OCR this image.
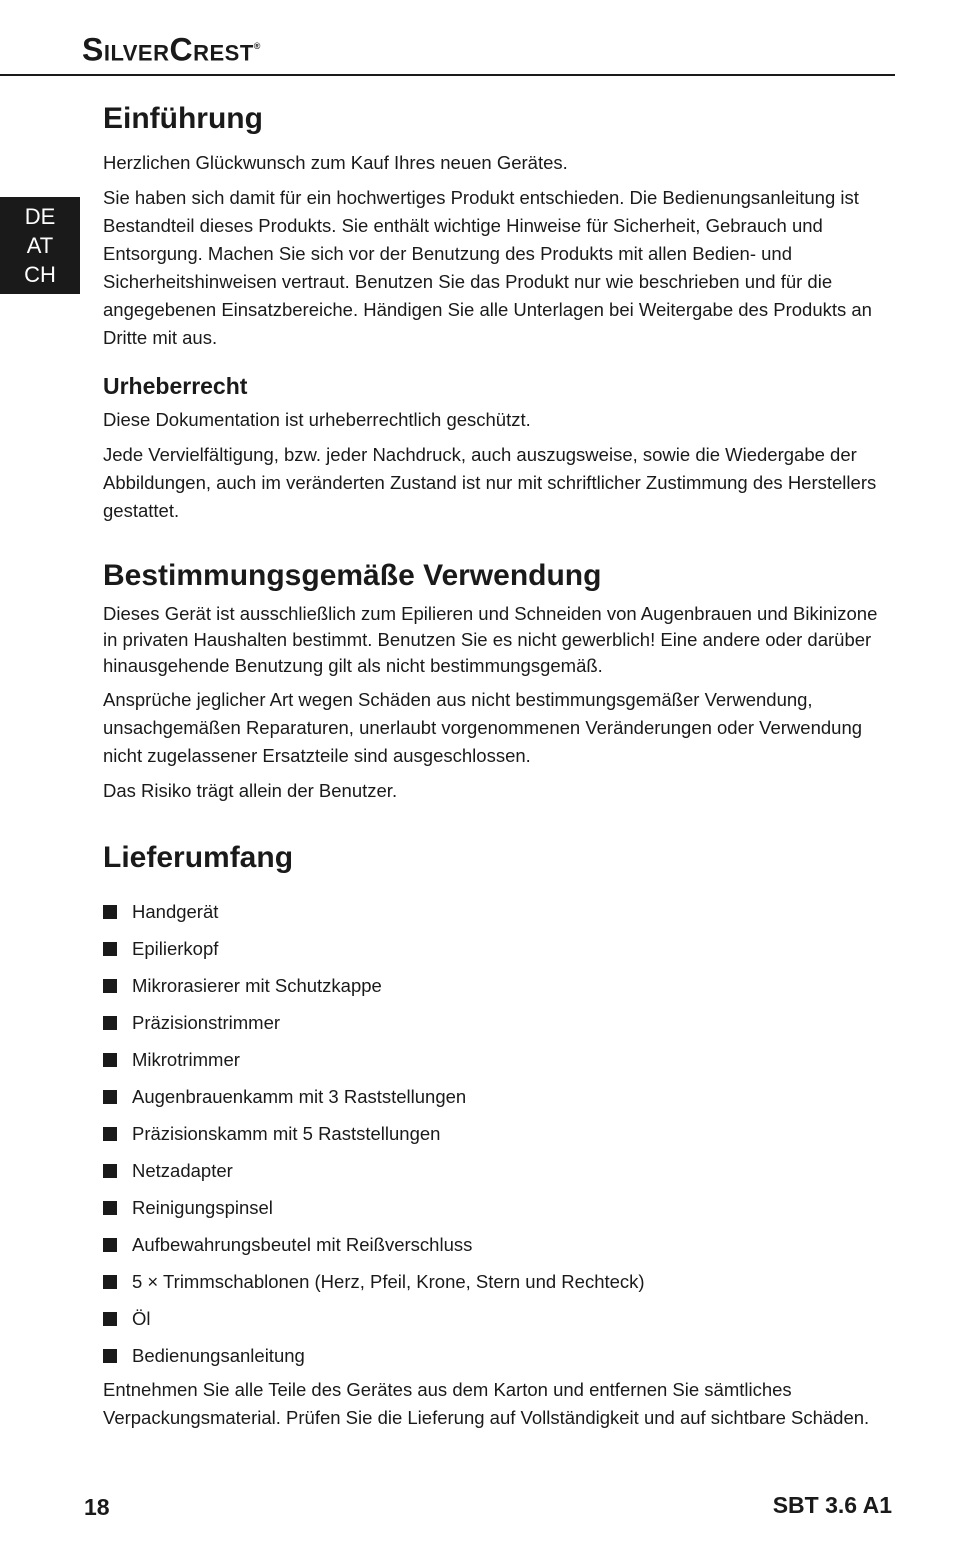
SilverCrest®
DE
AT
CH
Einführung

Herzlichen Glückwunsch zum Kauf Ihres neuen Gerätes.

Sie haben sich damit für ein hochwertiges Produkt entschieden. Die Bedienungsanleitung ist Bestandteil dieses Produkts. Sie enthält wichtige Hinweise für Sicherheit, Gebrauch und Entsorgung. Machen Sie sich vor der Benutzung des Produkts mit allen Bedien- und Sicherheitshinweisen vertraut. Benutzen Sie das Produkt nur wie beschrieben und für die angegebenen Einsatzbereiche. Händigen Sie alle Unterlagen bei Weitergabe des Produkts an Dritte mit aus.

Urheberrecht

Diese Dokumentation ist urheberrechtlich geschützt.

Jede Vervielfältigung, bzw. jeder Nachdruck, auch auszugsweise, sowie die Wiedergabe der Abbildungen, auch im veränderten Zustand ist nur mit schriftlicher Zustimmung des Herstellers gestattet.

Bestimmungsgemäße Verwendung

Dieses Gerät ist ausschließlich zum Epilieren und Schneiden von Augenbrauen und Bikinizone in privaten Haushalten bestimmt. Benutzen Sie es nicht gewerblich! Eine andere oder darüber hinausgehende Benutzung gilt als nicht bestimmungsgemäß.

Ansprüche jeglicher Art wegen Schäden aus nicht bestimmungsgemäßer Verwendung, unsachgemäßen Reparaturen, unerlaubt vorgenommenen Veränderungen oder Verwendung nicht zugelassener Ersatzteile sind ausgeschlossen.

Das Risiko trägt allein der Benutzer.

Lieferumfang
Handgerät
Epilierkopf
Mikrorasierer mit Schutzkappe
Präzisionstrimmer
Mikrotrimmer
Augenbrauenkamm mit 3 Raststellungen
Präzisionskamm mit 5 Raststellungen
Netzadapter
Reinigungspinsel
Aufbewahrungsbeutel mit Reißverschluss
5 × Trimmschablonen (Herz, Pfeil, Krone, Stern und Rechteck)
Öl
Bedienungsanleitung

Entnehmen Sie alle Teile des Gerätes aus dem Karton und entfernen Sie sämtliches Verpackungsmaterial. Prüfen Sie die Lieferung auf Vollständigkeit und auf sichtbare Schäden.

18	SBT 3.6 A1
